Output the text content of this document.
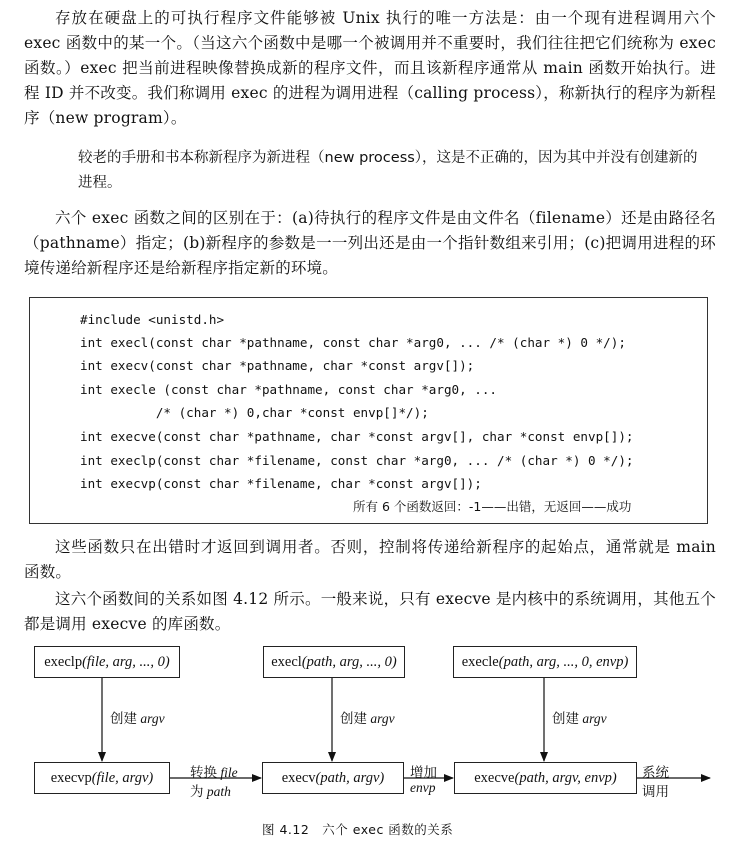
存放在硬盘上的可执行程序文件能够被 Unix 执行的唯一方法是：由一个现有进程调用六个 exec 函数中的某一个。（当这六个函数中是哪一个被调用并不重要时，我们往往把它们统称为 exec 函数。）exec 把当前进程映像替换成新的程序文件，而且该新程序通常从 main 函数开始执行。进程 ID 并不改变。我们称调用 exec 的进程为调用进程（calling process），称新执行的程序为新程序（new program）。
较老的手册和书本称新程序为新进程（new process），这是不正确的，因为其中并没有创建新的进程。
六个 exec 函数之间的区别在于：(a)待执行的程序文件是由文件名（filename）还是由路径名（pathname）指定；(b)新程序的参数是一一列出还是由一个指针数组来引用；(c)把调用进程的环境传递给新程序还是给新程序指定新的环境。
#include <unistd.h>
int execl(const char *pathname, const char *arg0, ... /* (char *) 0 */);
int execv(const char *pathname, char *const argv[]);
int execle (const char *pathname, const char *arg0, ...
/* (char *) 0,char *const envp[]*/);
int execve(const char *pathname, char *const argv[], char *const envp[]);
int execlp(const char *filename, const char *arg0, ... /* (char *) 0 */);
int execvp(const char *filename, char *const argv[]);
所有 6 个函数返回：-1——出错，无返回——成功
这些函数只在出错时才返回到调用者。否则，控制将传递给新程序的起始点，通常就是 main 函数。
这六个函数间的关系如图 4.12 所示。一般来说，只有 execve 是内核中的系统调用，其他五个都是调用 execve 的库函数。
execlp (file, arg, ..., 0)	execl (path, arg, ..., 0)	execle (path, arg, ..., 0, envp)
execvp (file, argv)	execv (path, argv)	execve (path, argv, envp)
创建 argv	创建 argv	创建 argv
转换 file
为 path
增加
envp
系统
调用
图 4.12　六个 exec 函数的关系
